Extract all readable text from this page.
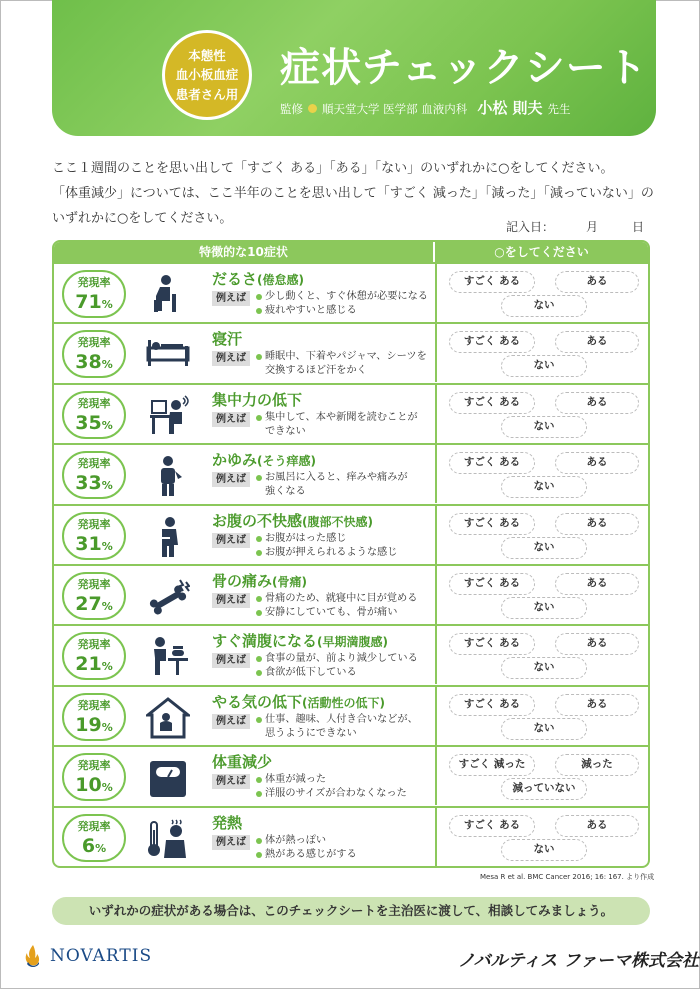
本態性
血小板血症
患者さん用
症状チェックシート
監修 順天堂大学 医学部 血液内科 小松 則夫 先生
ここ１週間のことを思い出して「すごく ある」「ある」「ない」のいずれかに○をしてください。
「体重減少」については、ここ半年のことを思い出して「すごく 減った」「減った」「減っていない」の
いずれかに○をしてください。
記入日：	月	日
特徴的な10症状	○をしてください
発現率
71%
だるさ(倦怠感)
例えば	少し動くと、すぐ休憩が必要になる
疲れやすいと感じる
すごく ある	ある
ない
発現率
38%
寝汗
例えば	睡眠中、下着やパジャマ、シーツを
交換するほど汗をかく
すごく ある	ある
ない
発現率
35%
集中力の低下
例えば	集中して、本や新聞を読むことが
できない
すごく ある	ある
ない
発現率
33%
かゆみ(そう痒感)
例えば	お風呂に入ると、痒みや痛みが
強くなる
すごく ある	ある
ない
発現率
31%
お腹の不快感(腹部不快感)
例えば	お腹がはった感じ
お腹が押えられるような感じ
すごく ある	ある
ない
発現率
27%
骨の痛み(骨痛)
例えば	骨痛のため、就寝中に目が覚める
安静にしていても、骨が痛い
すごく ある	ある
ない
発現率
21%
すぐ満腹になる(早期満腹感)
例えば	食事の量が、前より減少している
食欲が低下している
すごく ある	ある
ない
発現率
19%
やる気の低下(活動性の低下)
例えば	仕事、趣味、人付き合いなどが、
思うようにできない
すごく ある	ある
ない
発現率
10%
体重減少
例えば	体重が減った
洋服のサイズが合わなくなった
すごく 減った	減った
減っていない
発現率
6%
発熱
例えば	体が熱っぽい
熱がある感じがする
すごく ある	ある
ない
Mesa R et al. BMC Cancer 2016; 16: 167. より作成
いずれかの症状がある場合は、このチェックシートを主治医に渡して、相談してみましょう。
NOVARTIS	ノバルティス ファーマ株式会社
